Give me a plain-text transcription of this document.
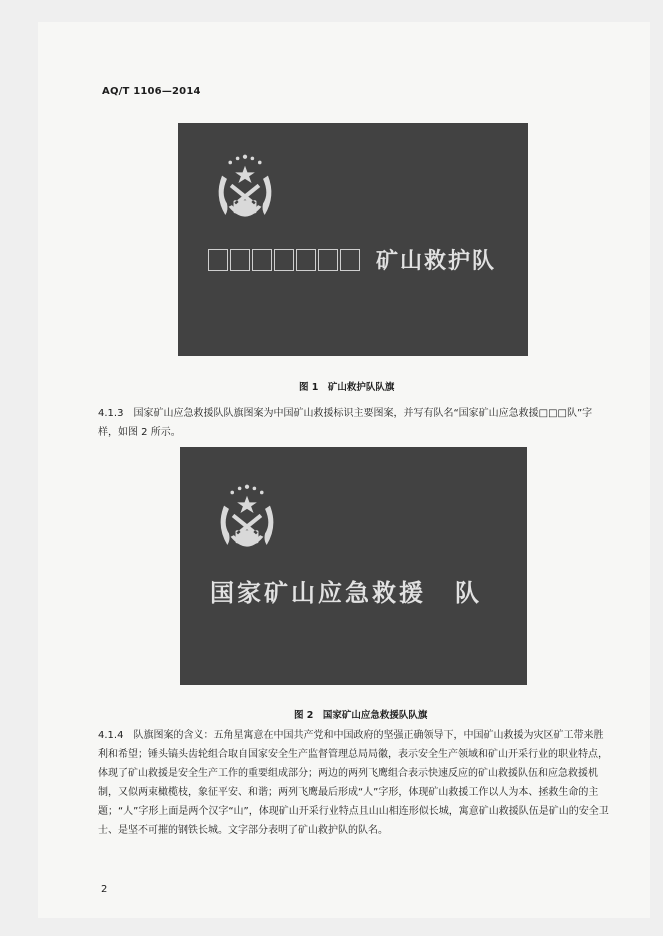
AQ/T 1106—2014
矿山救护队
图 1　矿山救护队队旗
4.1.3　国家矿山应急救援队队旗图案为中国矿山救援标识主要图案，并写有队名“国家矿山应急救援□□□队”字样，如图 2 所示。
国家矿山应急救援 队
图 2　国家矿山应急救援队队旗
4.1.4　队旗图案的含义：五角星寓意在中国共产党和中国政府的坚强正确领导下，中国矿山救援为灾区矿工带来胜利和希望；锤头镐头齿轮组合取自国家安全生产监督管理总局局徽，表示安全生产领域和矿山开采行业的职业特点，体现了矿山救援是安全生产工作的重要组成部分；两边的两列飞鹰组合表示快速反应的矿山救援队伍和应急救援机制，又似两束橄榄枝，象征平安、和谐；两列飞鹰最后形成“人”字形，体现矿山救援工作以人为本、拯救生命的主题；“人”字形上面是两个汉字“山”，体现矿山开采行业特点且山山相连形似长城，寓意矿山救援队伍是矿山的安全卫士、是坚不可摧的钢铁长城。文字部分表明了矿山救护队的队名。
2
